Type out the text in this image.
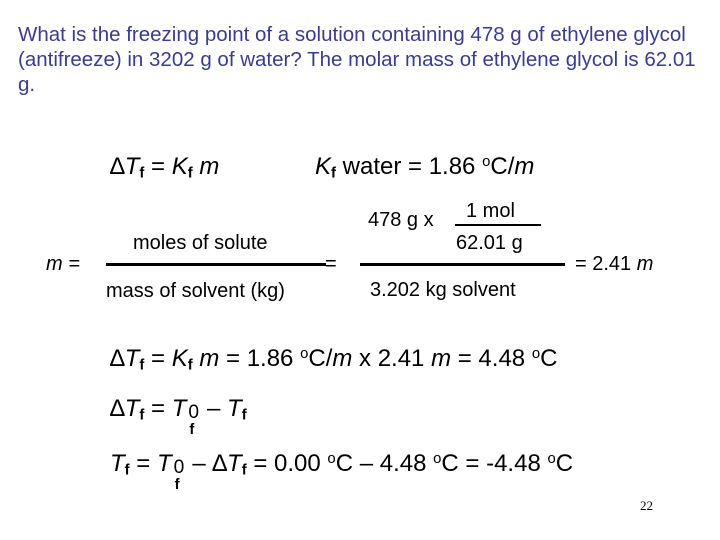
What is the freezing point of a solution containing 478 g of ethylene glycol (antifreeze) in 3202 g of water? The molar mass of ethylene glycol is 62.01 g.
$\Delta T_f = K_f$ m	$K_f$ water = 1.86 $^o$C/m
m =
moles of solute
mass of solvent (kg)
=
478 g x 1 mol
62.01 g
3.202 kg solvent
= 2.41 m
$\Delta T_f = K_f$ m = 1.86 $^o$C/m x 2.41 m = 4.48 $^o$C
$\Delta T_f = T$ 0
f
– $T_f$
$T_f = T$ 0
f
– $\Delta T_f = 0.00$ $^o$C – 4.48 $^o$C = -4.48 $^o$C
22
